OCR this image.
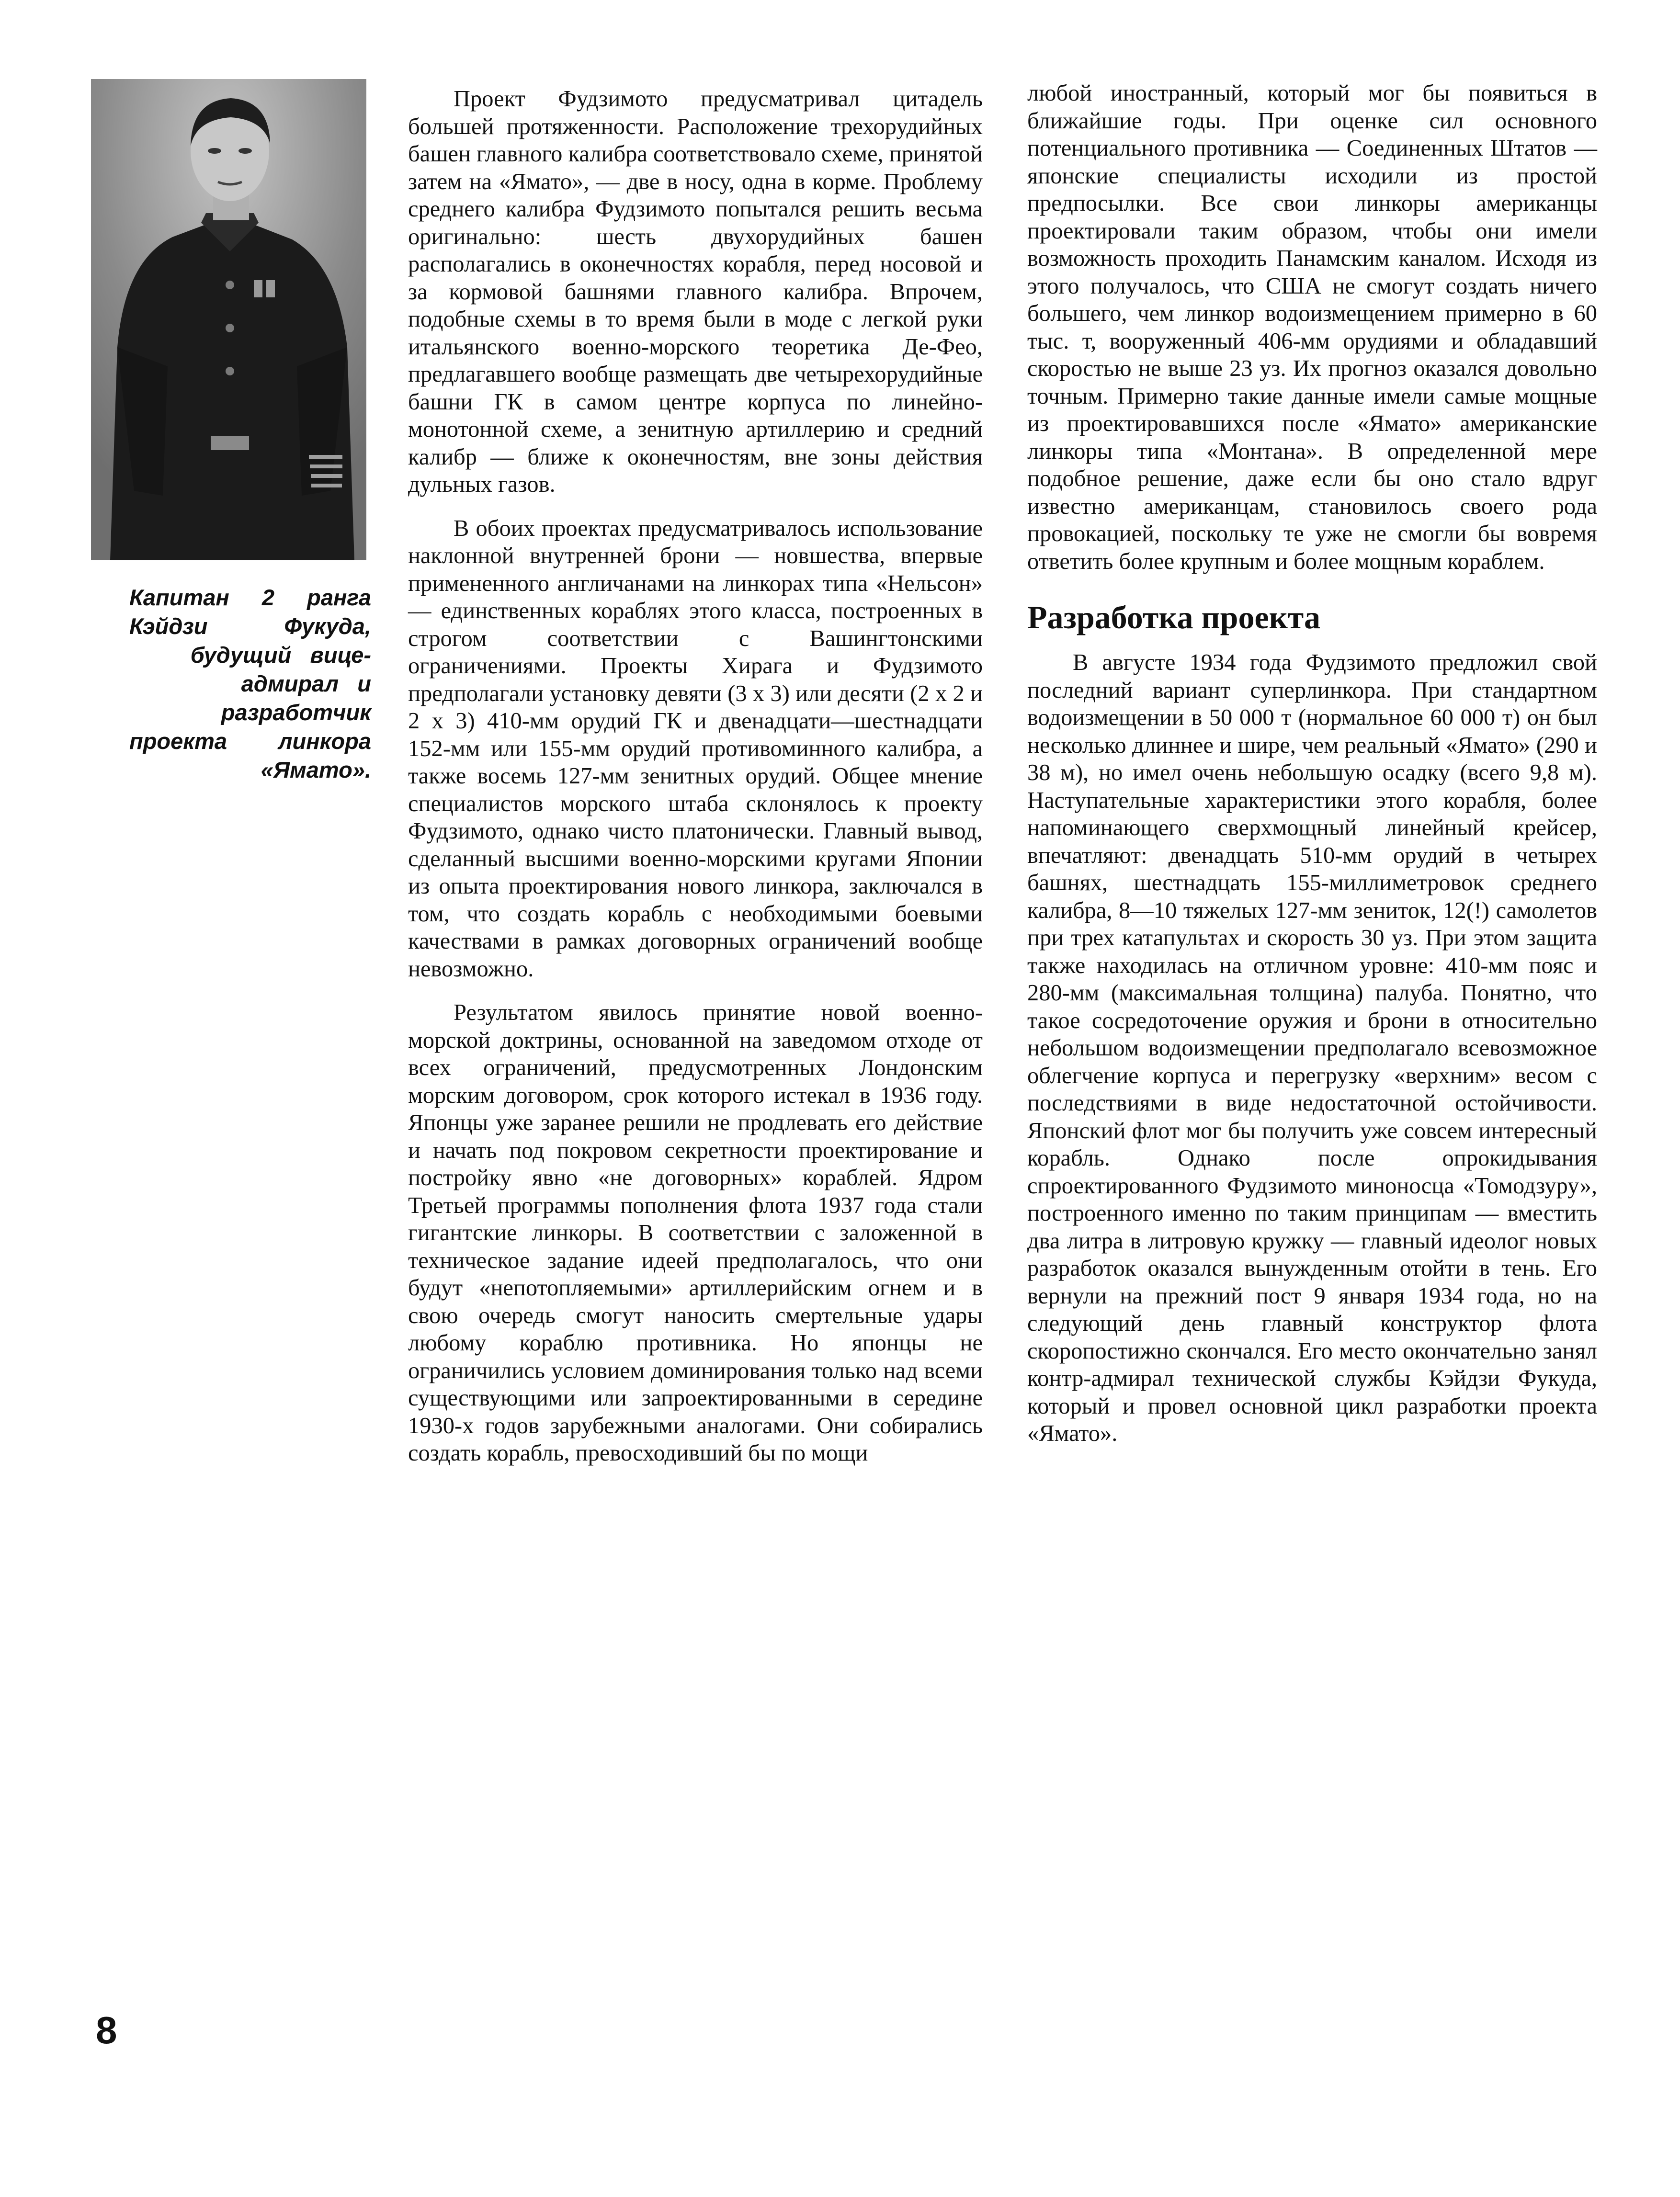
Капитан  2  ранга
Кэйдзи   Фукуда,
будущий   вице-
адмирал   и
разработчик
проекта   линкора
«Ямато».

Проект Фудзимото предусматривал цитадель большей протяженности. Расположение трехорудийных башен главного калибра соответствовало схеме, принятой затем на «Ямато», — две в носу, одна в корме. Проблему среднего калибра Фудзимото попытался решить весьма оригинально: шесть двухорудийных башен располагались в оконечностях корабля, перед носовой и за кормовой башнями главного калибра. Впрочем, подобные схемы в то время были в моде с легкой руки итальянского военно-морского теоретика Де-Фео, предлагавшего вообще размещать две четырехорудийные башни ГК в самом центре корпуса по линейно-монотонной схеме, а зенитную артиллерию и средний калибр — ближе к оконечностям, вне зоны действия дульных газов.

В обоих проектах предусматривалось использование наклонной внутренней брони — новшества, впервые примененного англичанами на линкорах типа «Нельсон» — единственных кораблях этого класса, построенных в строгом соответствии с Вашингтонскими ограничениями. Проекты Хирага и Фудзимото предполагали установку девяти (3 х 3) или десяти (2 х 2 и 2 х 3) 410-мм орудий ГК и двенадцати—шестнадцати 152-мм или 155-мм орудий противоминного калибра, а также восемь 127-мм зенитных орудий. Общее мнение специалистов морского штаба склонялось к проекту Фудзимото, однако чисто платонически. Главный вывод, сделанный высшими военно-морскими кругами Японии из опыта проектирования нового линкора, заключался в том, что создать корабль с необходимыми боевыми качествами в рамках договорных ограничений вообще невозможно.

Результатом явилось принятие новой военно-морской доктрины, основанной на заведомом отходе от всех ограничений, предусмотренных Лондонским морским договором, срок которого истекал в 1936 году. Японцы уже заранее решили не продлевать его действие и начать под покровом секретности проектирование и постройку явно «не договорных» кораблей. Ядром Третьей программы пополнения флота 1937 года стали гигантские линкоры. В соответствии с заложенной в техническое задание идеей предполагалось, что они будут «непотопляемыми» артиллерийским огнем и в свою очередь смогут наносить смертельные удары любому кораблю противника. Но японцы не ограничились условием доминирования только над всеми существующими или запроектированными в середине 1930-х годов зарубежными аналогами. Они собирались создать корабль, превосходивший бы по мощи

любой иностранный, который мог бы появиться в ближайшие годы. При оценке сил основного потенциального противника — Соединенных Штатов — японские специалисты исходили из простой предпосылки. Все свои линкоры американцы проектировали таким образом, чтобы они имели возможность проходить Панамским каналом. Исходя из этого получалось, что США не смогут создать ничего большего, чем линкор водоизмещением примерно в 60 тыс. т, вооруженный 406-мм орудиями и обладавший скоростью не выше 23 уз. Их прогноз оказался довольно точным. Примерно такие данные имели самые мощные из проектировавшихся после «Ямато» американские линкоры типа «Монтана». В определенной мере подобное решение, даже если бы оно стало вдруг известно американцам, становилось своего рода провокацией, поскольку те уже не смогли бы вовремя ответить более крупным и более мощным кораблем.

Разработка проекта

В августе 1934 года Фудзимото предложил свой последний вариант суперлинкора. При стандартном водоизмещении в 50 000 т (нормальное 60 000 т) он был несколько длиннее и шире, чем реальный «Ямато» (290 и 38 м), но имел очень небольшую осадку (всего 9,8 м). Наступательные характеристики этого корабля, более напоминающего сверхмощный линейный крейсер, впечатляют: двенадцать 510-мм орудий в четырех башнях, шестнадцать 155-миллиметровок среднего калибра, 8—10 тяжелых 127-мм зениток, 12(!) самолетов при трех катапультах и скорость 30 уз. При этом защита также находилась на отличном уровне: 410-мм пояс и 280-мм (максимальная толщина) палуба. Понятно, что такое сосредоточение оружия и брони в относительно небольшом водоизмещении предполагало всевозможное облегчение корпуса и перегрузку «верхним» весом с последствиями в виде недостаточной остойчивости. Японский флот мог бы получить уже совсем интересный корабль. Однако после опрокидывания спроектированного Фудзимото миноносца «Томодзуру», построенного именно по таким принципам — вместить два литра в литровую кружку — главный идеолог новых разработок оказался вынужденным отойти в тень. Его вернули на прежний пост 9 января 1934 года, но на следующий день главный конструктор флота скоропостижно скончался. Его место окончательно занял контр-адмирал технической службы Кэйдзи Фукуда, который и провел основной цикл разработки проекта «Ямато».

8
